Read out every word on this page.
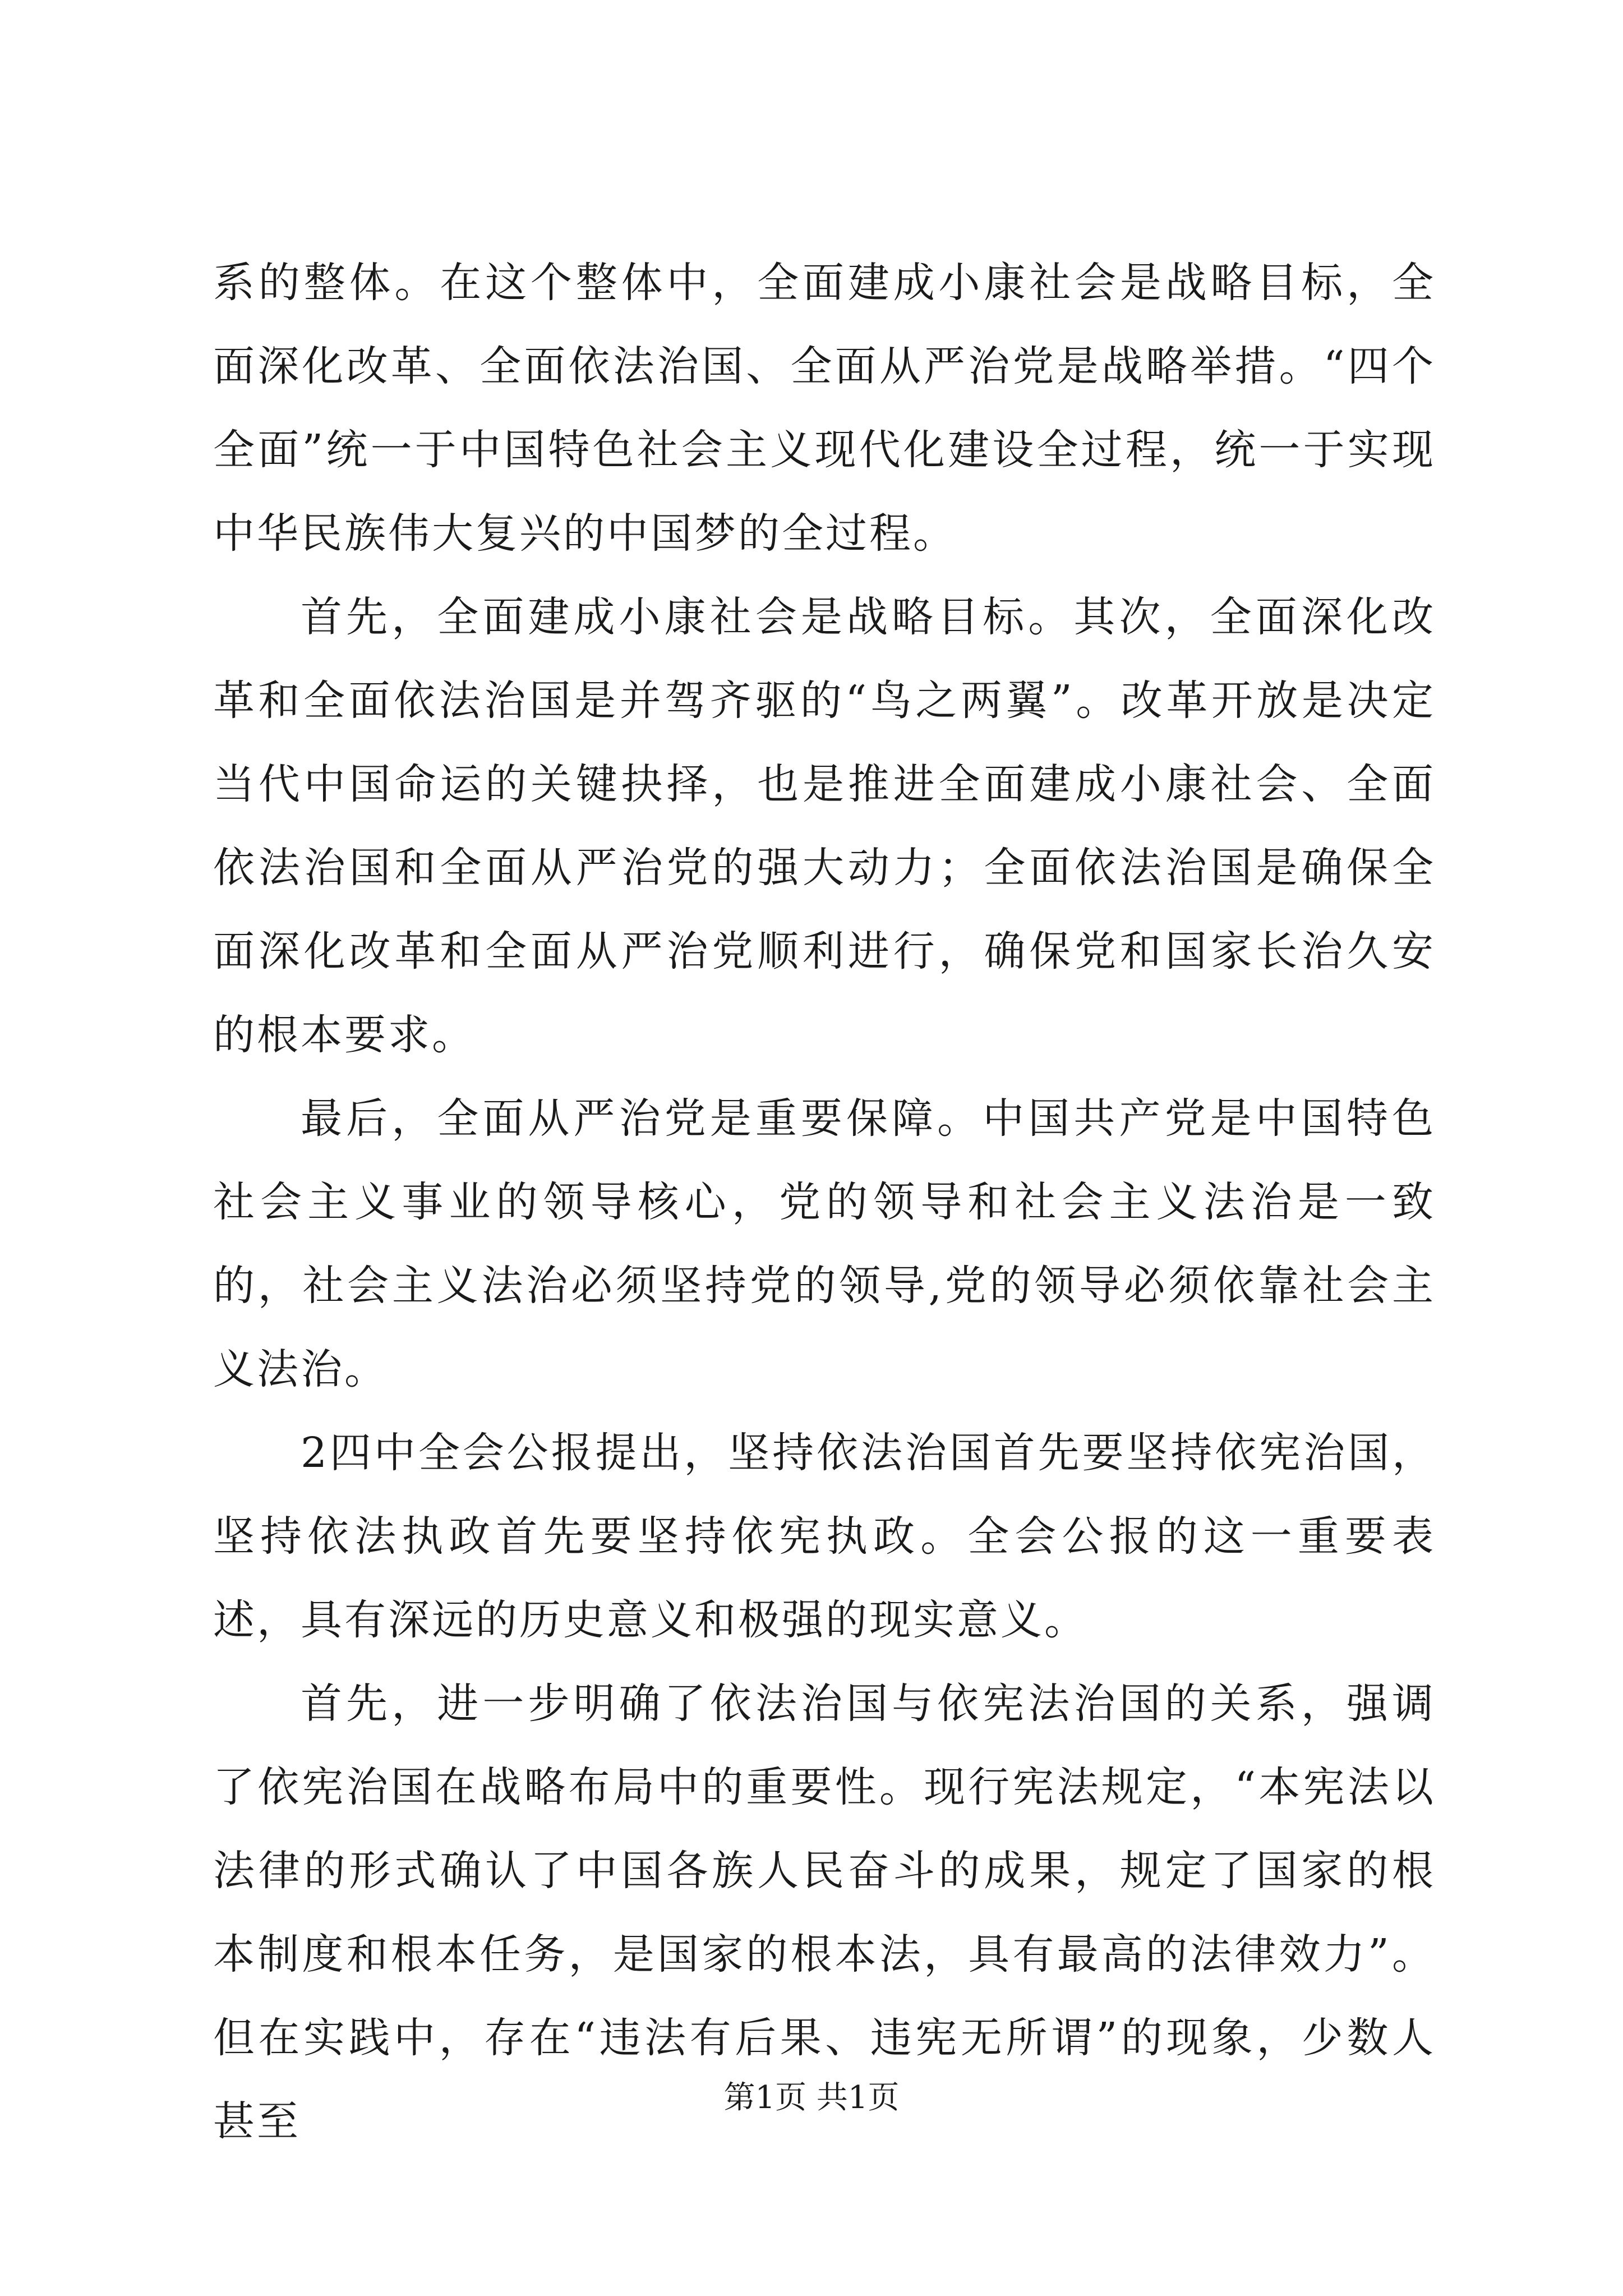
系的整体。在这个整体中，全面建成小康社会是战略目标，全面深化改革、全面依法治国、全面从严治党是战略举措。“四个全面”统一于中国特色社会主义现代化建设全过程，统一于实现中华民族伟大复兴的中国梦的全过程。

首先，全面建成小康社会是战略目标。其次，全面深化改革和全面依法治国是并驾齐驱的“鸟之两翼”。改革开放是决定当代中国命运的关键抉择，也是推进全面建成小康社会、全面依法治国和全面从严治党的强大动力；全面依法治国是确保全面深化改革和全面从严治党顺利进行，确保党和国家长治久安的根本要求。

最后，全面从严治党是重要保障。中国共产党是中国特色社会主义事业的领导核心，党的领导和社会主义法治是一致的，社会主义法治必须坚持党的领导,党的领导必须依靠社会主义法治。

2四中全会公报提出，坚持依法治国首先要坚持依宪治国，坚持依法执政首先要坚持依宪执政。全会公报的这一重要表述，具有深远的历史意义和极强的现实意义。

首先，进一步明确了依法治国与依宪法治国的关系，强调了依宪治国在战略布局中的重要性。现行宪法规定，“本宪法以法律的形式确认了中国各族人民奋斗的成果，规定了国家的根本制度和根本任务，是国家的根本法，具有最高的法律效力”。但在实践中，存在“违法有后果、违宪无所谓”的现象，少数人甚至	第1页 共1页
